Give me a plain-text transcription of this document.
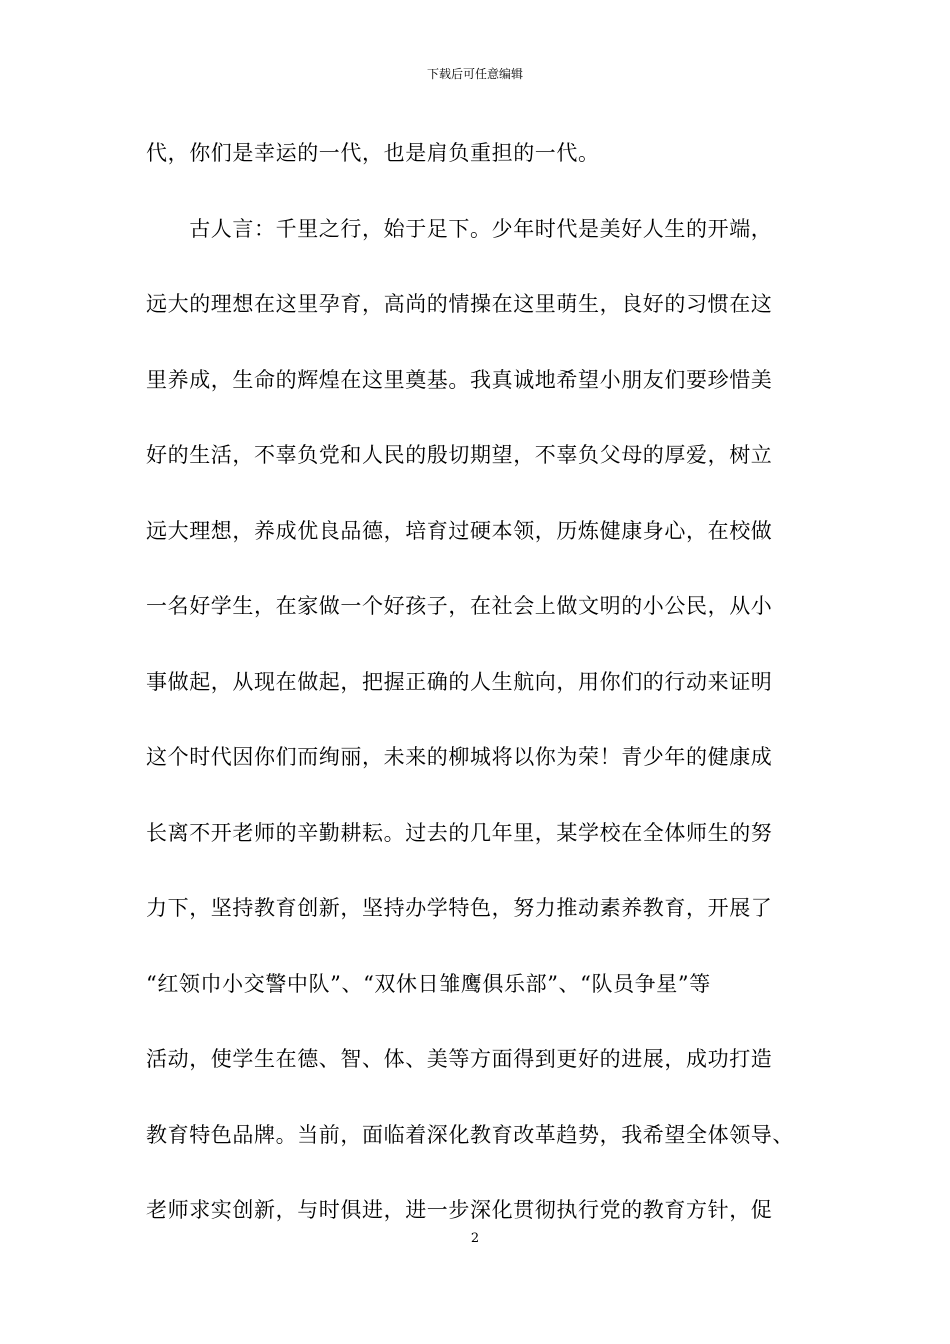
下载后可任意编辑
代，你们是幸运的一代，也是肩负重担的一代。
　　古人言：千里之行，始于足下。少年时代是美好人生的开端，
远大的理想在这里孕育，高尚的情操在这里萌生，良好的习惯在这
里养成，生命的辉煌在这里奠基。我真诚地希望小朋友们要珍惜美
好的生活，不辜负党和人民的殷切期望，不辜负父母的厚爱，树立
远大理想，养成优良品德，培育过硬本领，历炼健康身心，在校做
一名好学生，在家做一个好孩子，在社会上做文明的小公民，从小
事做起，从现在做起，把握正确的人生航向，用你们的行动来证明
这个时代因你们而绚丽，未来的柳城将以你为荣！青少年的健康成
长离不开老师的辛勤耕耘。过去的几年里，某学校在全体师生的努
力下，坚持教育创新，坚持办学特色，努力推动素养教育，开展了
“红领巾小交警中队”、“双休日雏鹰俱乐部”、“队员争星”等
活动，使学生在德、智、体、美等方面得到更好的进展，成功打造
教育特色品牌。当前，面临着深化教育改革趋势，我希望全体领导、
老师求实创新，与时俱进，进一步深化贯彻执行党的教育方针，促
2
